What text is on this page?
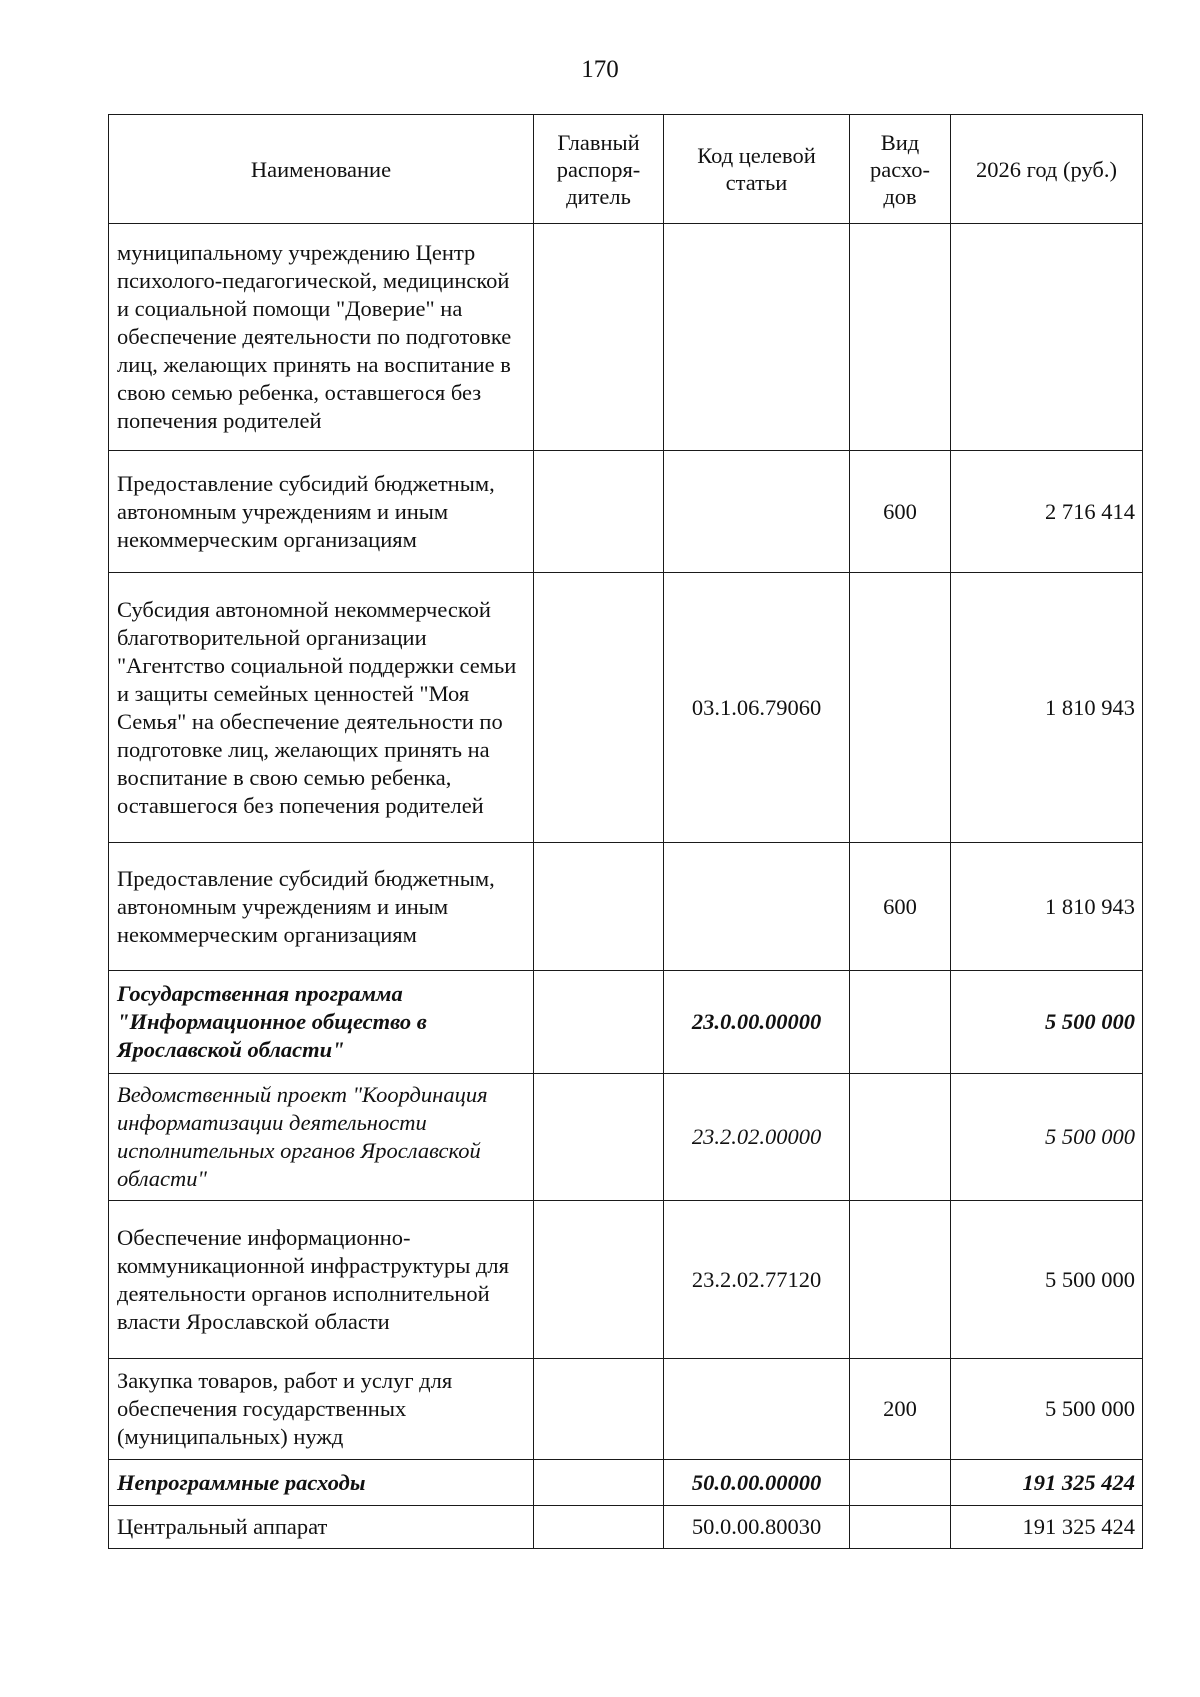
170
Наименование	Главный распоря-дитель	Код целевой статьи	Вид расхо-дов	2026 год (руб.)
муниципальному учреждению Центр психолого-педагогической, медицинской и социальной помощи "Доверие" на обеспечение деятельности по подготовке лиц, желающих принять на воспитание в свою семью ребенка, оставшегося без попечения родителей				
Предоставление субсидий бюджетным, автономным учреждениям и иным некоммерческим организациям			600	2 716 414
Субсидия автономной некоммерческой благотворительной организации "Агентство социальной поддержки семьи и защиты семейных ценностей "Моя Семья" на обеспечение деятельности по подготовке лиц, желающих принять на воспитание в свою семью ребенка, оставшегося без попечения родителей		03.1.06.79060		1 810 943
Предоставление субсидий бюджетным, автономным учреждениям и иным некоммерческим организациям			600	1 810 943
Государственная программа "Информационное общество в Ярославской области"		23.0.00.00000		5 500 000
Ведомственный проект "Координация информатизации деятельности исполнительных органов Ярославской области"		23.2.02.00000		5 500 000
Обеспечение информационно-коммуникационной инфраструктуры для деятельности органов исполнительной власти Ярославской области		23.2.02.77120		5 500 000
Закупка товаров, работ и услуг для обеспечения государственных (муниципальных) нужд			200	5 500 000
Непрограммные расходы		50.0.00.00000		191 325 424
Центральный аппарат		50.0.00.80030		191 325 424
